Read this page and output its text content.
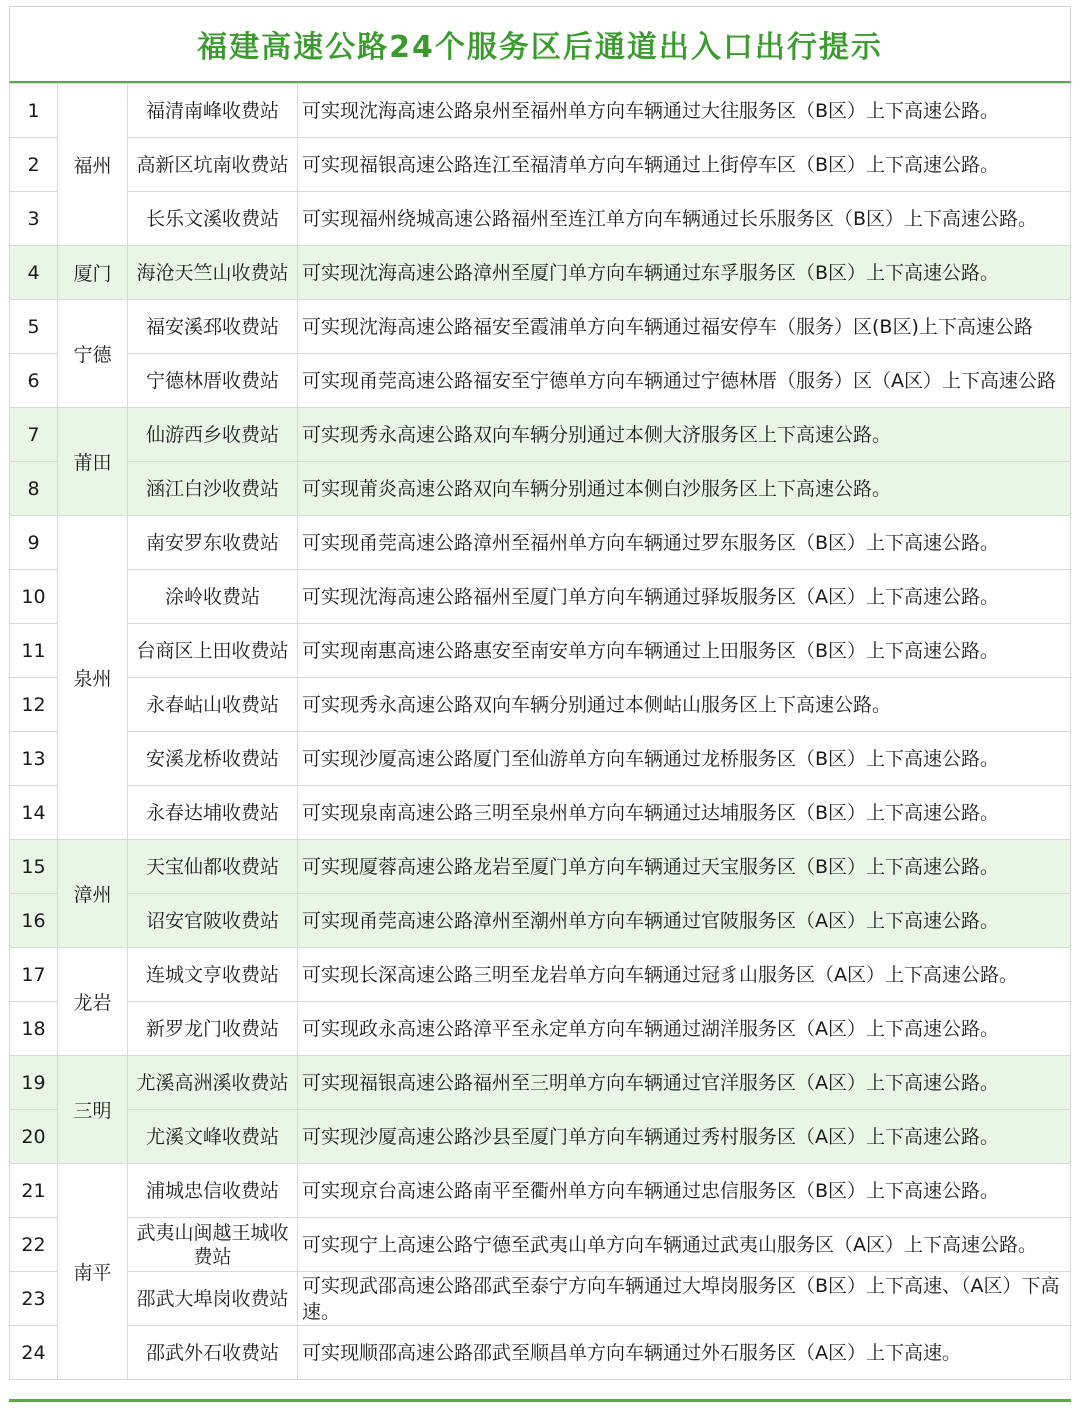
福建高速公路24个服务区后通道出入口出行提示
1	福州	福清南峰收费站	可实现沈海高速公路泉州至福州单方向车辆通过大往服务区（B区）上下高速公路。
2		高新区坑南收费站	可实现福银高速公路连江至福清单方向车辆通过上街停车区（B区）上下高速公路。
3		长乐文溪收费站	可实现福州绕城高速公路福州至连江单方向车辆通过长乐服务区（B区）上下高速公路。
4	厦门	海沧天竺山收费站	可实现沈海高速公路漳州至厦门单方向车辆通过东孚服务区（B区）上下高速公路。
5	宁德	福安溪邳收费站	可实现沈海高速公路福安至霞浦单方向车辆通过福安停车（服务）区(B区)上下高速公路
6		宁德林厝收费站	可实现甬莞高速公路福安至宁德单方向车辆通过宁德林厝（服务）区（A区）上下高速公路
7	莆田	仙游西乡收费站	可实现秀永高速公路双向车辆分别通过本侧大济服务区上下高速公路。
8		涵江白沙收费站	可实现莆炎高速公路双向车辆分别通过本侧白沙服务区上下高速公路。
9	泉州	南安罗东收费站	可实现甬莞高速公路漳州至福州单方向车辆通过罗东服务区（B区）上下高速公路。
10		涂岭收费站	可实现沈海高速公路福州至厦门单方向车辆通过驿坂服务区（A区）上下高速公路。
11		台商区上田收费站	可实现南惠高速公路惠安至南安单方向车辆通过上田服务区（B区）上下高速公路。
12		永春岵山收费站	可实现秀永高速公路双向车辆分别通过本侧岵山服务区上下高速公路。
13		安溪龙桥收费站	可实现沙厦高速公路厦门至仙游单方向车辆通过龙桥服务区（B区）上下高速公路。
14		永春达埔收费站	可实现泉南高速公路三明至泉州单方向车辆通过达埔服务区（B区）上下高速公路。
15	漳州	天宝仙都收费站	可实现厦蓉高速公路龙岩至厦门单方向车辆通过天宝服务区（B区）上下高速公路。
16		诏安官陂收费站	可实现甬莞高速公路漳州至潮州单方向车辆通过官陂服务区（A区）上下高速公路。
17	龙岩	连城文亨收费站	可实现长深高速公路三明至龙岩单方向车辆通过冠豸山服务区（A区）上下高速公路。
18		新罗龙门收费站	可实现政永高速公路漳平至永定单方向车辆通过湖洋服务区（A区）上下高速公路。
19	三明	尤溪高洲溪收费站	可实现福银高速公路福州至三明单方向车辆通过官洋服务区（A区）上下高速公路。
20		尤溪文峰收费站	可实现沙厦高速公路沙县至厦门单方向车辆通过秀村服务区（A区）上下高速公路。
21	南平	浦城忠信收费站	可实现京台高速公路南平至衢州单方向车辆通过忠信服务区（B区）上下高速公路。
22		武夷山闽越王城收费站	可实现宁上高速公路宁德至武夷山单方向车辆通过武夷山服务区（A区）上下高速公路。
23		邵武大埠岗收费站	可实现武邵高速公路邵武至泰宁方向车辆通过大埠岗服务区（B区）上下高速、（A区）下高速。
24		邵武外石收费站	可实现顺邵高速公路邵武至顺昌单方向车辆通过外石服务区（A区）上下高速。
